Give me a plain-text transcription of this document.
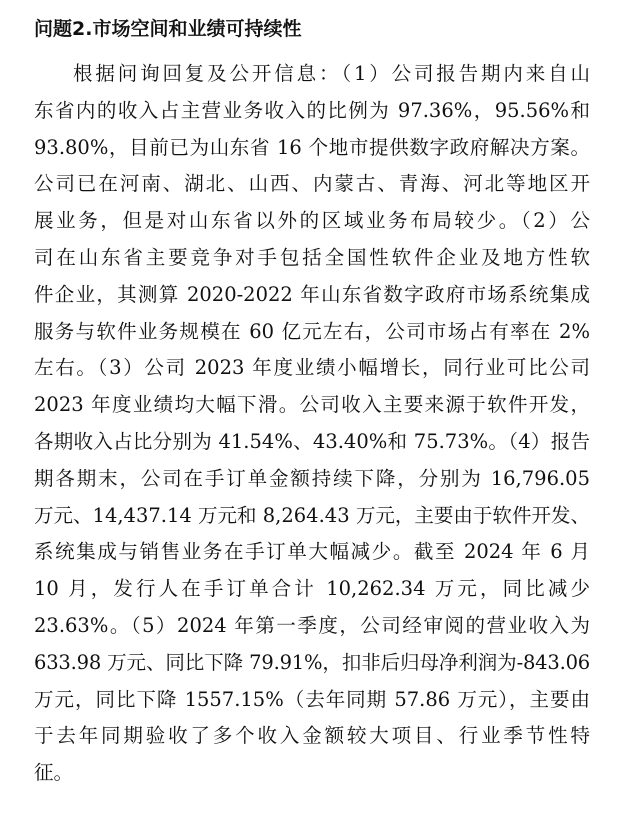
问题2.市场空间和业绩可持续性
根据问询回复及公开信息：（1）公司报告期内来自山
东省内的收入占主营业务收入的比例为 97.36%，95.56%和
93.80%，目前已为山东省 16 个地市提供数字政府解决方案。
公司已在河南、湖北、山西、内蒙古、青海、河北等地区开
展业务，但是对山东省以外的区域业务布局较少。（2）公
司在山东省主要竞争对手包括全国性软件企业及地方性软
件企业，其测算 2020-2022 年山东省数字政府市场系统集成
服务与软件业务规模在 60 亿元左右，公司市场占有率在 2%
左右。（3）公司 2023 年度业绩小幅增长，同行业可比公司
2023 年度业绩均大幅下滑。公司收入主要来源于软件开发，
各期收入占比分别为 41.54%、43.40%和 75.73%。（4）报告
期各期末，公司在手订单金额持续下降，分别为 16,796.05
万元、14,437.14 万元和 8,264.43 万元，主要由于软件开发、
系统集成与销售业务在手订单大幅减少。截至 2024 年 6 月
10 月，发行人在手订单合计 10,262.34 万元，同比减少
23.63%。（5）2024 年第一季度，公司经审阅的营业收入为
633.98 万元、同比下降 79.91%，扣非后归母净利润为-843.06
万元，同比下降 1557.15%（去年同期 57.86 万元），主要由
于去年同期验收了多个收入金额较大项目、行业季节性特
征。
